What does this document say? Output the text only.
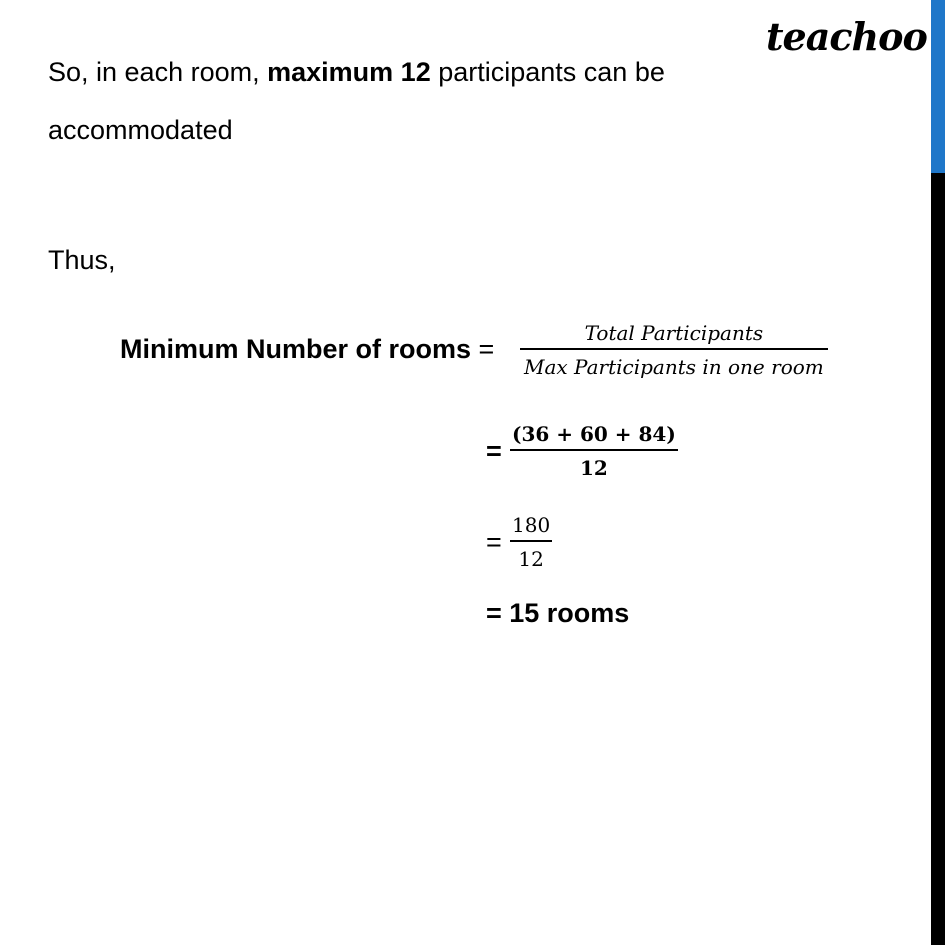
teachoo
So, in each room, maximum 12 participants can be
accommodated
Thus,
Minimum Number of rooms =
Total Participants
Max Participants in one room
=
(36 + 60 + 84)
12
=
180
12
= 15 rooms
